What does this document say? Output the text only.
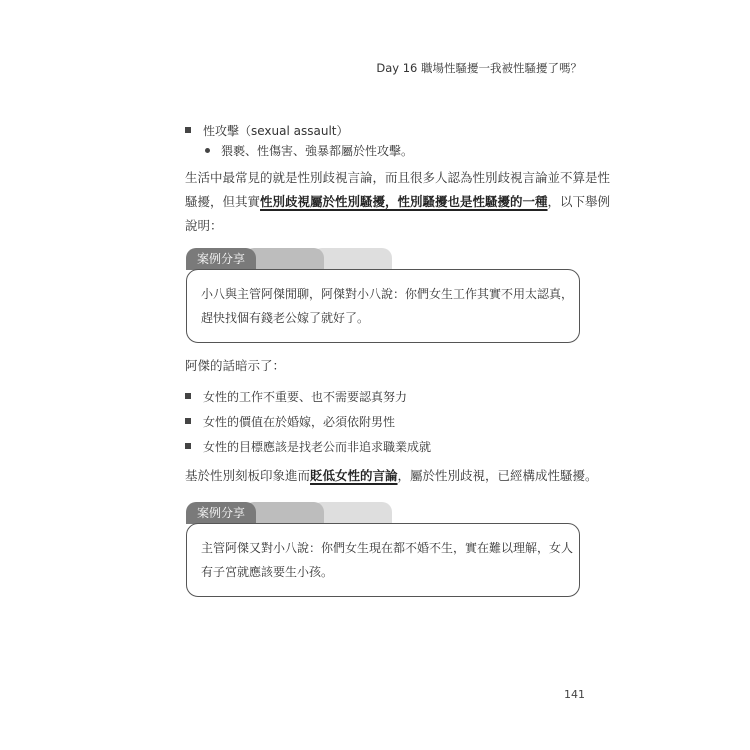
Day 16 職場性騷擾一我被性騷擾了嗎？
性攻擊（sexual assault）
猥褻、性傷害、強暴都屬於性攻擊。
生活中最常見的就是性別歧視言論，而且很多人認為性別歧視言論並不算是性
騷擾，但其實性別歧視屬於性別騷擾，性別騷擾也是性騷擾的一種，以下舉例
說明：
案例分享
小八與主管阿傑閒聊，阿傑對小八說：你們女生工作其實不用太認真，
趕快找個有錢老公嫁了就好了。
阿傑的話暗示了：
女性的工作不重要、也不需要認真努力
女性的價值在於婚嫁，必須依附男性
女性的目標應該是找老公而非追求職業成就
基於性別刻板印象進而貶低女性的言論，屬於性別歧視，已經構成性騷擾。
案例分享
主管阿傑又對小八說：你們女生現在都不婚不生，實在難以理解，女人
有子宮就應該要生小孩。
141
